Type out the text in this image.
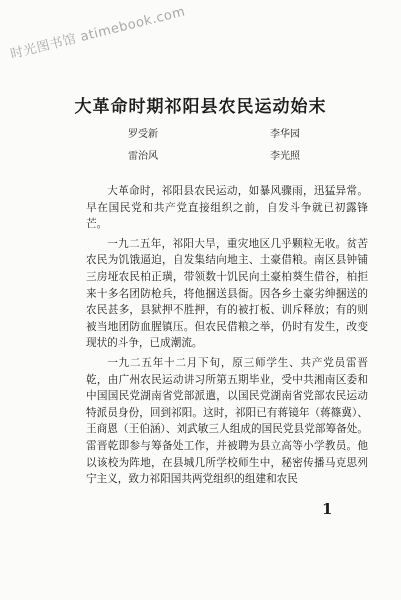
时光图书馆 atimebook.com
大革命时期祁阳县农民运动始末
罗受新	李华园
雷治风	李光照

大革命时，祁阳县农民运动，如暴风骤雨，迅猛异常。早在国民党和共产党直接组织之前，自发斗争就已初露锋芒。

一九二五年，祁阳大旱，重灾地区几乎颗粒无收。贫苦农民为饥饿逼迫，自发集结向地主、土豪借粮。南区县钟铺三房垭农民柏正璜，带领数十饥民向土豪柏葵生借谷，柏拒来十多名团防枪兵，将他捆送县衙。因各乡土豪劣绅捆送的农民甚多，县狱押不胜押，有的被打板、训斥释放；有的则被当地团防血腥镇压。但农民借粮之举，仍时有发生，改变现状的斗争，已成潮流。

一九二五年十二月下旬，原三师学生、共产党员雷晋乾，由广州农民运动讲习所第五期毕业，受中共湘南区委和中国国民党湖南省党部派遣，以国民党湖南省党部农民运动特派员身份，回到祁阳。这时，祁阳已有蒋镜年（蒋篠冀）、王商恩（王伯涵）、刘武敏三人组成的国民党县党部筹备处。雷晋乾即参与筹备处工作，并被聘为县立高等小学教员。他以该校为阵地，在县城几所学校师生中，秘密传播马克思列宁主义，致力祁阳国共两党组织的组建和农民

1
